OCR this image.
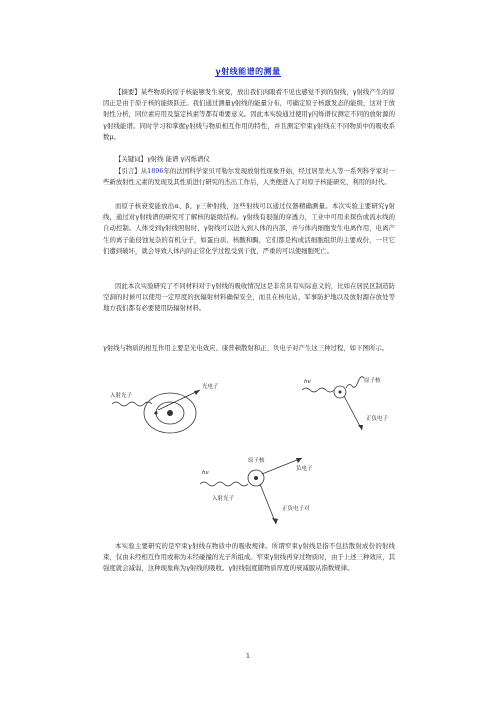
γ射线能谱的测量

【摘要】某些物质的原子核能够发生衰变，放出我们肉眼看不见也感觉不到的射线，γ射线产生的原因正是由于原子核的能级跃迁。我们通过测量γ射线的能量分布，可确定原子核激发态的能级，这对于放射性分析，同位素应用及鉴定核素等都有重要意义。因此本实验通过使用γ闪烁谱仪测定不同的放射源的γ射线能谱。同时学习和掌握γ射线与物质相互作用的特性，并且测定窄束γ射线在不同物质中的吸收系数μ。

【关键词】γ射线 能谱 γ闪烁谱仪

【引言】从1896年的法国科学家贝可勒尔发现放射性现象开始，经过居里夫人等一系列科学家对一些新放射性元素的发现及其性质进行研究的杰出工作后，人类便进入了对原子核能研究、利用的时代。

而原子核衰变能放出α、β、γ三种射线，这些射线可以通过仪器精确测量。本次实验主要研究γ射线，通过对γ射线谱的研究可了解核的能级结构。γ射线有很强的穿透力，工业中可用来探伤或流水线的自动控制。人体受到γ射线照射时，γ射线可以进入到人体的内部，并与体内细胞发生电离作用，电离产生的离子能侵蚀复杂的有机分子，如蛋白质、核酸和酶，它们都是构成活细胞组织的主要成份，一旦它们遭到破坏，就会导致人体内的正常化学过程受到干扰，严重的可以使细胞死亡。

因此本次实验研究了不同材料对于γ射线的吸收情况这是非常具有实际意义的，比如在居民区制造防空洞的时候可以使用一定厚度的抗辐射材料确保安全，而且在核电站、军事防护地以及放射源存放处等地方我们都有必要使用防辐射材料。

γ射线与物质的相互作用主要是光电效应、康普顿散射和正、负电子对产生这三种过程，如下图所示。

入射光子
光电子
hν	原子核
正负电子
hν
原子核
入射光子
负电子
正负电子对

本实验主要研究的是窄束γ射线在物质中的吸收规律。所谓窄束γ射线是指不包括散射成份的射线束，仅由未经相互作用或称为未经碰撞的光子所组成。窄束γ射线再穿过物质时，由于上述三种效应，其强度就会减弱，这种现象称为γ射线的吸收。γ射线强度随物质厚度的衰减服从指数规律。

1
